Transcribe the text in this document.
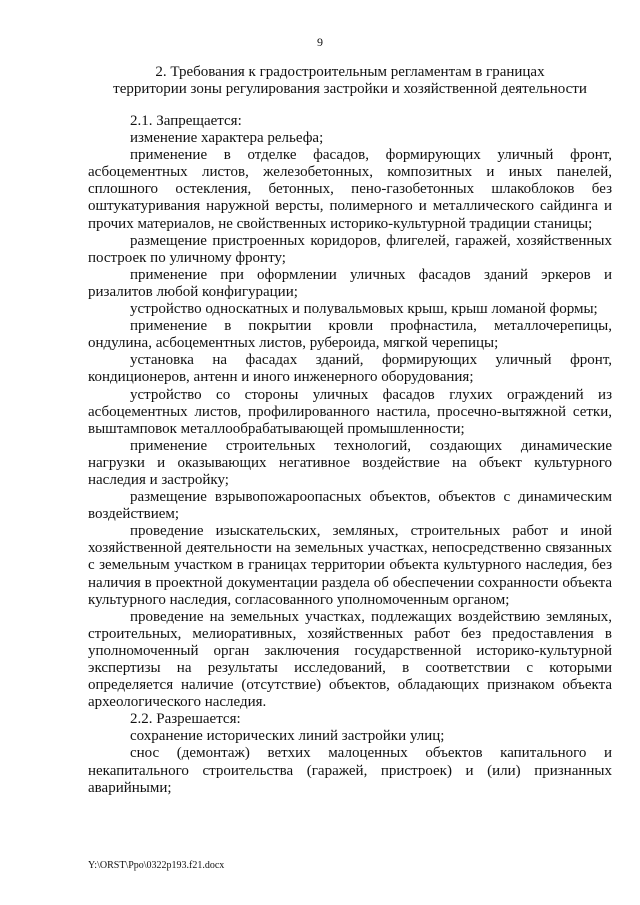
9
2. Требования к градостроительным регламентам в границах
территории зоны регулирования застройки и хозяйственной деятельности

2.1. Запрещается:

изменение характера рельефа;

применение в отделке фасадов, формирующих уличный фронт, асбоцементных листов, железобетонных, композитных и иных панелей, сплошного остекления, бетонных, пено-газобетонных шлакоблоков без оштукатуривания наружной версты, полимерного и металлического сайдинга и прочих материалов, не свойственных историко-культурной традиции станицы;

размещение пристроенных коридоров, флигелей, гаражей, хозяйственных построек по уличному фронту;

применение при оформлении уличных фасадов зданий эркеров и ризалитов любой конфигурации;

устройство односкатных и полувальмовых крыш, крыш ломаной формы;

применение в покрытии кровли профнастила, металлочерепицы, ондулина, асбоцементных листов, рубероида, мягкой черепицы;

установка на фасадах зданий, формирующих уличный фронт, кондиционеров, антенн и иного инженерного оборудования;

устройство со стороны уличных фасадов глухих ограждений из асбоцементных листов, профилированного настила, просечно-вытяжной сетки, выштамповок металлообрабатывающей промышленности;

применение строительных технологий, создающих динамические нагрузки и оказывающих негативное воздействие на объект культурного наследия и застройку;

размещение взрывопожароопасных объектов, объектов с динамическим воздействием;

проведение изыскательских, земляных, строительных работ и иной хозяйственной деятельности на земельных участках, непосредственно связанных с земельным участком в границах территории объекта культурного наследия, без наличия в проектной документации раздела об обеспечении сохранности объекта культурного наследия, согласованного уполномоченным органом;

проведение на земельных участках, подлежащих воздействию земляных, строительных, мелиоративных, хозяйственных работ без предоставления в уполномоченный орган заключения государственной историко-культурной экспертизы на результаты исследований, в соответствии с которыми определяется наличие (отсутствие) объектов, обладающих признаком объекта археологического наследия.

2.2. Разрешается:

сохранение исторических линий застройки улиц;

снос (демонтаж) ветхих малоценных объектов капитального и некапитального строительства (гаражей, пристроек) и (или) признанных аварийными;

Y:\ORST\Ppo\0322p193.f21.docx
